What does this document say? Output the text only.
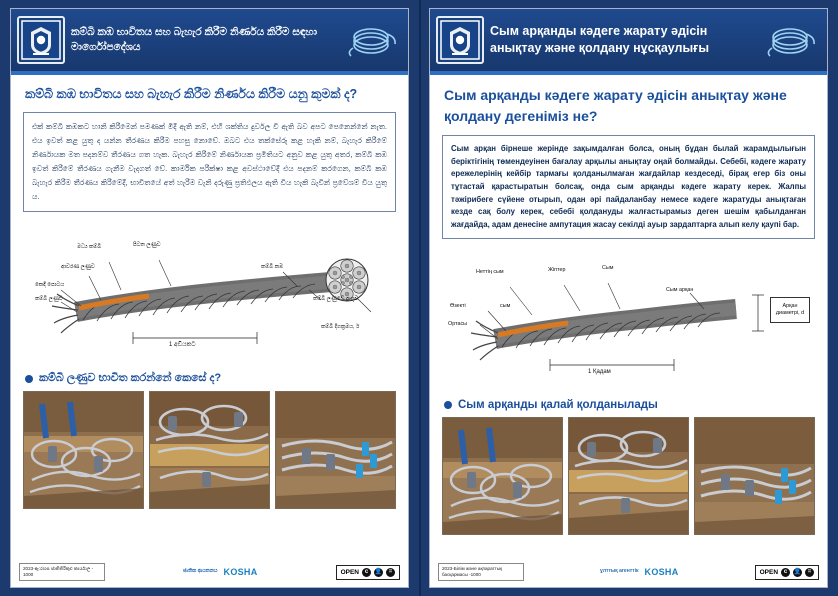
කම්බි කඹ භාවිතය සහ බැහැර කිරීම නිර්ණය කිරීම සඳහා මාර්ගෝපදේශය
කම්බි කඹ භාවිතය සහ බැහැර කිරීම නිර්ණය කිරීම යනු කුමක් ද?
එක් කම්බි කඹකට හානි කිරීමෙන් පමණක් මිදී ඇති නම්, එහි ශක්තිය දුර්වල වී ඇති බව අපට පෙනෙන්නේ නැත. එය ඉවත් කළ යුතු ද යන්න තීරණය කිරීම පහසු නොවේ. ඔබට එය තක්සේරු කළ හැකි නම්, බැහැර කිරීමේ නිර්ණායක මත පදනම්ව තීරණය ගත හැක. බැහැර කිරීමේ නිර්ණායක ප්‍රමිතියට අනුව කළ යුතු අතර, කම්බි කඹ ඉවත් කිරීමේ තීරණය ගැනීම වැදගත් වේ. කාර්මික පරීක්ෂා කළ අවස්ථාවේදී එය පදනම් කරගෙන, කම්බි කඹ බැහැර කිරීම තීරණය කිරීමේදී, භාවිතයේ අත් හැරීම වැනි දරුණු ප්‍රතිඵලය ඇති විය හැකි බැවින් ප්‍රවේශම් විය යුතු ය.
මධ්‍ය කම්බි	පිටත ලණුව
ආවරණ ලණුව
කෙඳි පොටය
කම්බි ලණුව
කම්බි කඹ
කම්බි ලණුවේ අංශුව
කම්බි දිගක්‍රමය, ර්
1 අඩියකට
කම්බි ලණුව භාවිත කරන්නේ කෙසේ ද?
2023-ඇ:රහස ජාතිතිරිකුළු කාර්යාල - 1000
ජාතික ආයතනය KOSHA	OPEN c	👤	=
Сым арқанды кәдеге жарату әдісін анықтау және қолдану нұсқаулығы
Сым арқанды кәдеге жарату әдісін анықтау және қолдану дегеніміз не?
Сым арқан бірнеше жерінде зақымдалған болса, оның бұдан былай жарамдылығын беріктігінің төмендеуінен бағалау арқылы анықтау оңай болмайды. Себебі, кәдеге жарату ережелерінің кейбір тармағы қолданылмаған жағдайлар кездеседі, бірақ егер біз оны тұтастай қарастыратын болсақ, онда сым арқанды кәдеге жарату керек. Жалпы тәжірибеге сүйене отырып, одан әрі пайдаланбау немесе кәдеге жаратуды анықтаған кезде сақ болу керек, себебі қолдануды жалғастырамыз деген шешім қабылданған жағдайда, адам денесіне ампутация жасау секілді ауыр зардаптарға алып келу қаупі бар.
Неттің сым	Жіптер	Сым
Өзекті	сым
Ортасы
Сым арқан
Арқан диаметрі, d
1 Қадам
Сым арқанды қалай қолданылады
2023-Білім және ақпараттық басқармасы -1000
ұлттық агенттік KOSHA	OPEN c	👤	=
